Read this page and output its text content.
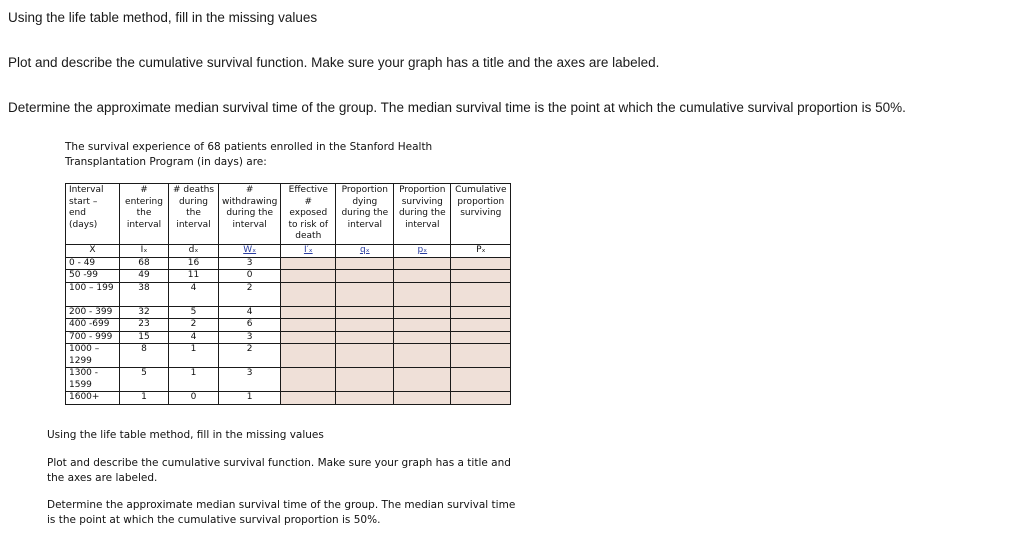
Using the life table method, fill in the missing values
Plot and describe the cumulative survival function. Make sure your graph has a title and the axes are labeled.
Determine the approximate median survival time of the group. The median survival time is the point at which the cumulative survival proportion is 50%.
The survival experience of 68 patients enrolled in the Stanford Health
Transplantation Program (in days) are:
Interval start – end (days)	# entering the interval	# deaths during the interval	# withdrawing during the interval	Effective # exposed to risk of death	Proportion dying during the interval	Proportion surviving during the interval	Cumulative proportion surviving
X	Iₓ	dₓ	Wₓ	I′ₓ	qₓ	pₓ	Pₓ
0 - 49	68	16	3				
50 -99	49	11	0				
100 – 199	38	4	2				
200 - 399	32	5	4				
400 -699	23	2	6				
700 - 999	15	4	3				
1000 – 1299	8	1	2				
1300 - 1599	5	1	3				
1600+	1	0	1				
Using the life table method, fill in the missing values
Plot and describe the cumulative survival function. Make sure your graph has a title and the axes are labeled.
Determine the approximate median survival time of the group. The median survival time is the point at which the cumulative survival proportion is 50%.
